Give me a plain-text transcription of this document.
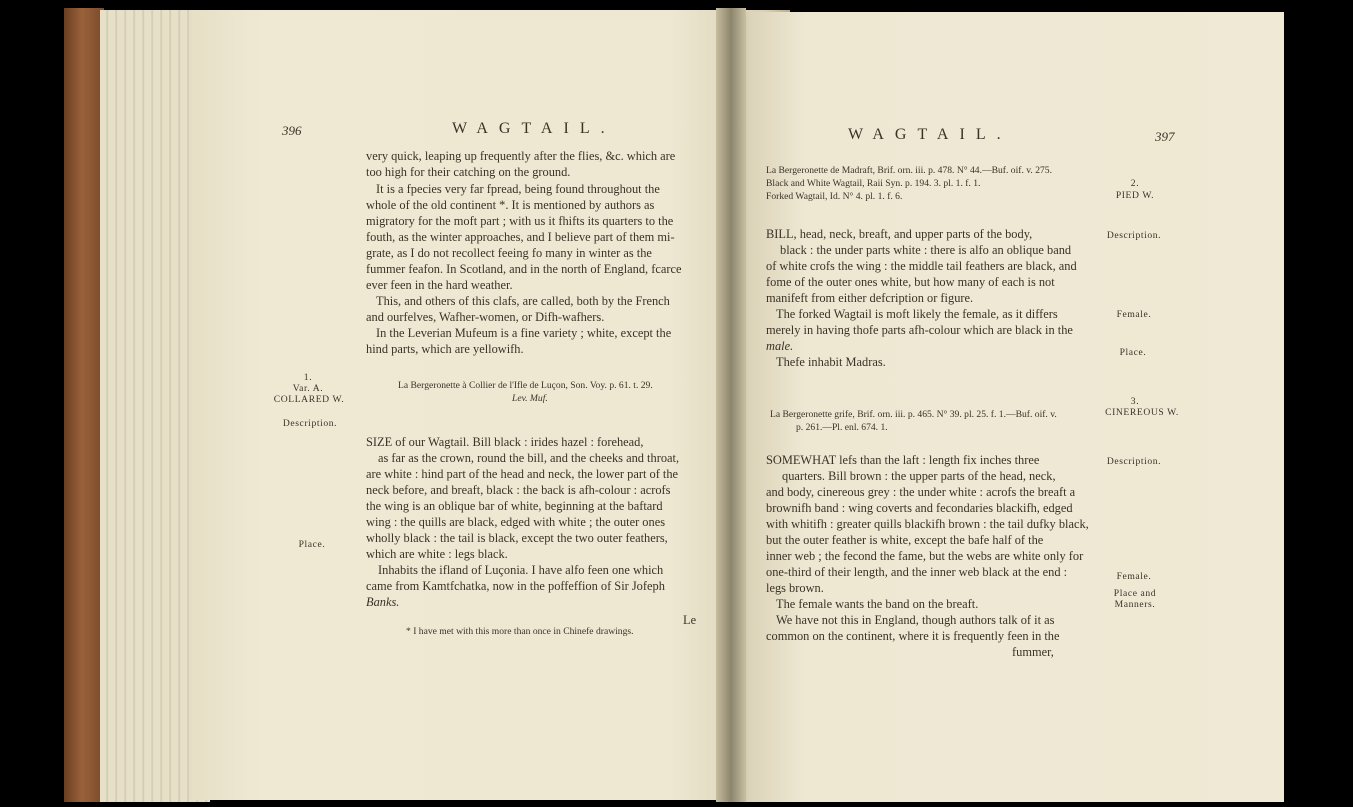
396	WAGTAIL.
very quick, leaping up frequently after the flies, &c. which are
too high for their catching on the ground.
It is a fpecies very far fpread, being found throughout the
whole of the old continent *. It is mentioned by authors as
migratory for the moft part ; with us it fhifts its quarters to the
fouth, as the winter approaches, and I believe part of them mi-
grate, as I do not recollect feeing fo many in winter as the
fummer feafon. In Scotland, and in the north of England, fcarce
ever feen in the hard weather.
This, and others of this clafs, are called, both by the French
and ourfelves, Wafher-women, or Difh-wafhers.
In the Leverian Mufeum is a fine variety ; white, except the
hind parts, which are yellowifh.
1.
Var. A.
COLLARED W.
Description.
Place.
La Bergeronette à Collier de l'Ifle de Luçon, Son. Voy. p. 61. t. 29.
Lev. Muf.
SIZE of our Wagtail. Bill black : irides hazel : forehead,
as far as the crown, round the bill, and the cheeks and throat,
are white : hind part of the head and neck, the lower part of the
neck before, and breaft, black : the back is afh-colour : acrofs
the wing is an oblique bar of white, beginning at the baftard
wing : the quills are black, edged with white ; the outer ones
wholly black : the tail is black, except the two outer feathers,
which are white : legs black.
Inhabits the ifland of Luçonia. I have alfo feen one which
came from Kamtfchatka, now in the poffeffion of Sir Jofeph
Banks.
* I have met with this more than once in Chinefe drawings.
Le
WAGTAIL.	397
La Bergeronette de Madraft, Brif. orn. iii. p. 478. N° 44.—Buf. oif. v. 275.
Black and White Wagtail, Raii Syn. p. 194. 3. pl. 1. f. 1.
Forked Wagtail, Id. N° 4. pl. 1. f. 6.
2.
PIED W.
Description.
Female.
Place.
BILL, head, neck, breaft, and upper parts of the body,
black : the under parts white : there is alfo an oblique band
of white crofs the wing : the middle tail feathers are black, and
fome of the outer ones white, but how many of each is not
manifeft from either defcription or figure.
The forked Wagtail is moft likely the female, as it differs
merely in having thofe parts afh-colour which are black in the
male.
Thefe inhabit Madras.
La Bergeronette grife, Brif. orn. iii. p. 465. N° 39. pl. 25. f. 1.—Buf. oif. v.
p. 261.—Pl. enl. 674. 1.
3.
CINEREOUS W.
Description.
Female.
Place and Manners.
SOMEWHAT lefs than the laft : length fix inches three
quarters. Bill brown : the upper parts of the head, neck,
and body, cinereous grey : the under white : acrofs the breaft a
brownifh band : wing coverts and fecondaries blackifh, edged
with whitifh : greater quills blackifh brown : the tail dufky black,
but the outer feather is white, except the bafe half of the
inner web ; the fecond the fame, but the webs are white only for
one-third of their length, and the inner web black at the end :
legs brown.
The female wants the band on the breaft.
We have not this in England, though authors talk of it as
common on the continent, where it is frequently feen in the
fummer,
